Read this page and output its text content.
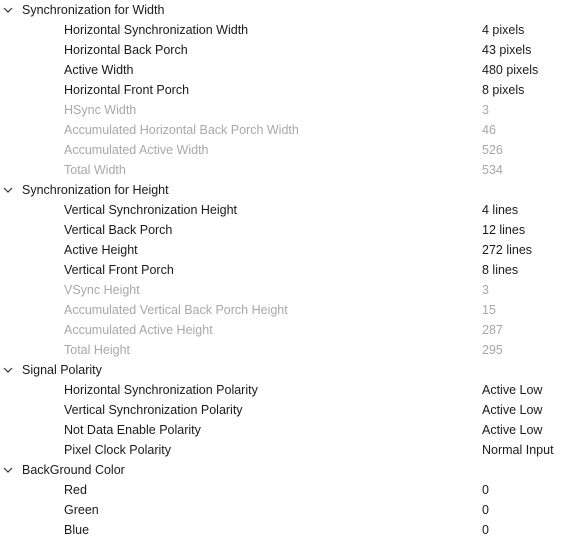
Synchronization for Width
Horizontal Synchronization Width	4 pixels
Horizontal Back Porch	43 pixels
Active Width	480 pixels
Horizontal Front Porch	8 pixels
HSync Width	3
Accumulated Horizontal Back Porch Width	46
Accumulated Active Width	526
Total Width	534
Synchronization for Height
Vertical Synchronization Height	4 lines
Vertical Back Porch	12 lines
Active Height	272 lines
Vertical Front Porch	8 lines
VSync Height	3
Accumulated Vertical Back Porch Height	15
Accumulated Active Height	287
Total Height	295
Signal Polarity
Horizontal Synchronization Polarity	Active Low
Vertical Synchronization Polarity	Active Low
Not Data Enable Polarity	Active Low
Pixel Clock Polarity	Normal Input
BackGround Color
Red	0
Green	0
Blue	0
